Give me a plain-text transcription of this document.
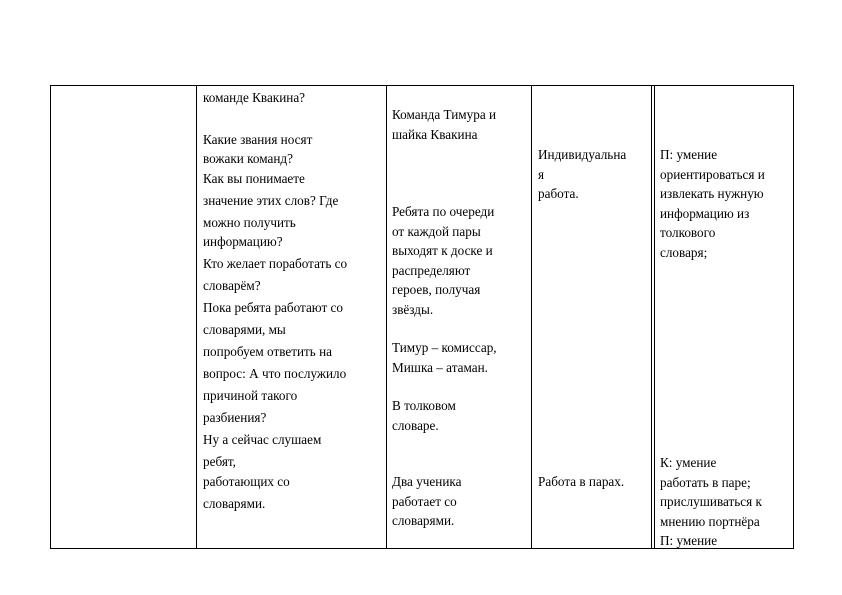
команде Квакина?
Какие звания носят
вожаки команд?
Как вы понимаете
значение этих слов? Где
можно получить
информацию?
Кто желает поработать со
словарём?
Пока ребята работают со
словарями, мы
попробуем ответить на
вопрос: А что послужило
причиной такого
разбиения?
Ну а сейчас слушаем
ребят,
работающих со
словарями.
Команда Тимура и
шайка Квакина
Ребята по очереди
от каждой пары
выходят к доске и
распределяют
героев, получая
звёзды.
Тимур – комиссар,
Мишка – атаман.
В толковом
словаре.
Два ученика
работает со
словарями.
Индивидуальна
я
работа.
Работа в парах.
П: умение
ориентироваться и
извлекать нужную
информацию из
толкового
словаря;
К: умение
работать в паре;
прислушиваться к
мнению портнёра
П: умение
